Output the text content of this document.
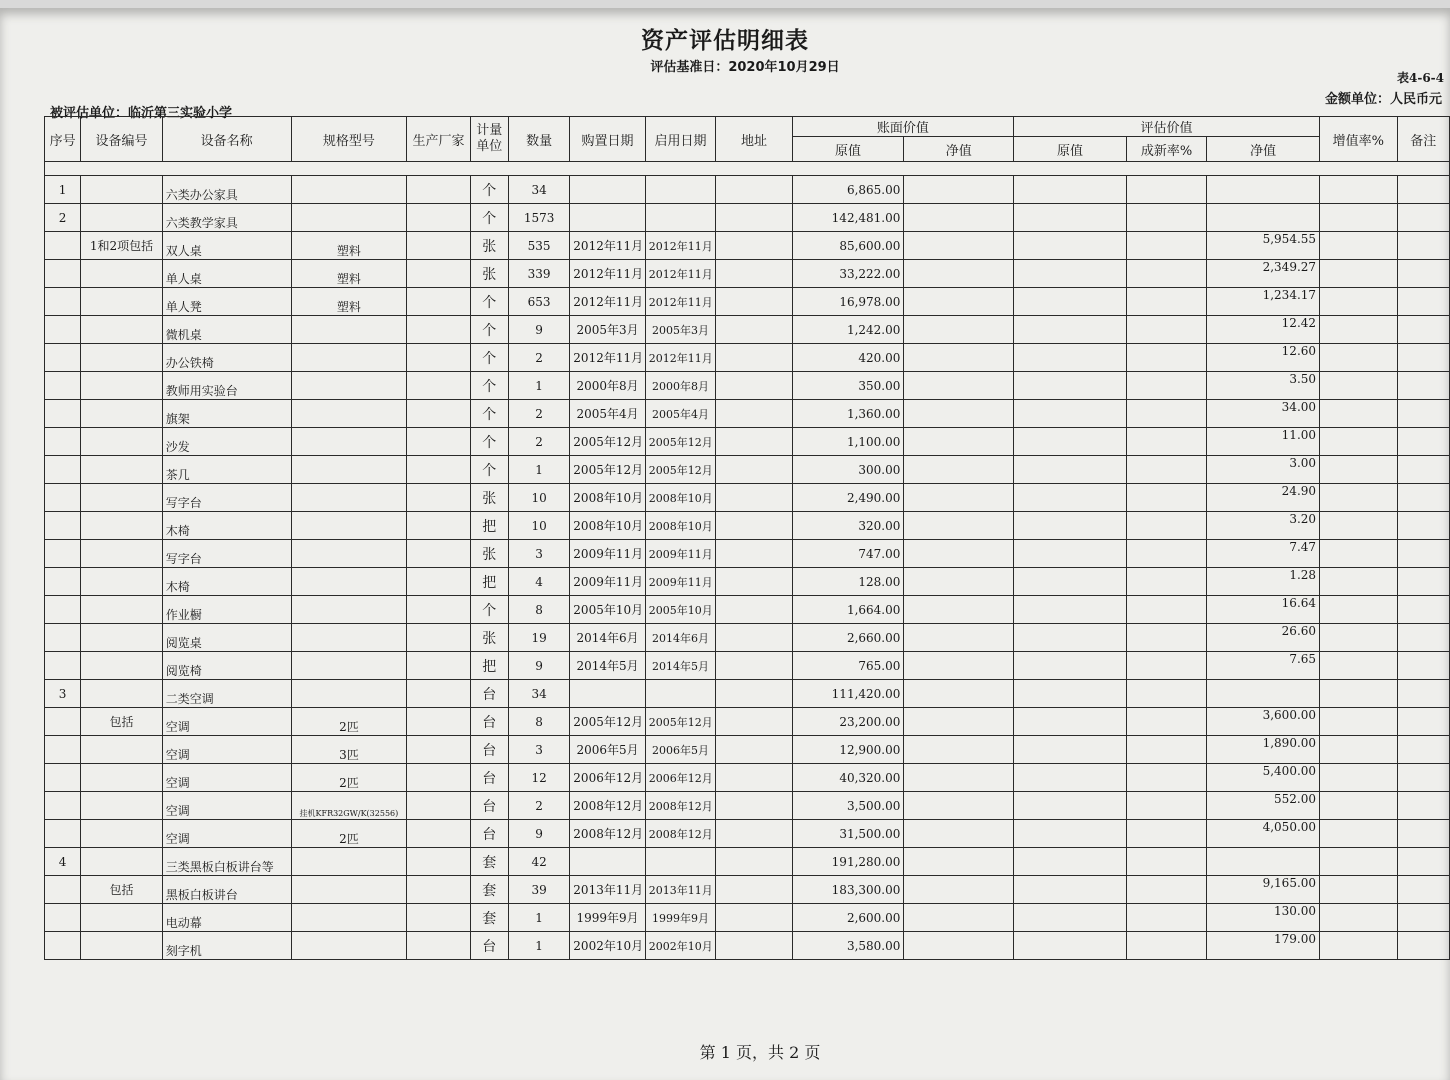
资产评估明细表
评估基准日：2020年10月29日
表4-6-4
金额单位：人民币元
被评估单位：临沂第三实验小学
序号	设备编号	设备名称	规格型号	生产厂家	计量单位	数量	购置日期	启用日期	地址	账面价值		评估价值			增值率%	备注
										原值	净值	原值	成新率%	净值		

1		六类办公家具			个	34				6,865.00						
2		六类教学家具			个	1573				142,481.00						
	1和2项包括	双人桌	塑料		张	535	2012年11月	2012年11月		85,600.00				5,954.55		
		单人桌	塑料		张	339	2012年11月	2012年11月		33,222.00				2,349.27		
		单人凳	塑料		个	653	2012年11月	2012年11月		16,978.00				1,234.17		
		微机桌			个	9	2005年3月	2005年3月		1,242.00				12.42		
		办公铁椅			个	2	2012年11月	2012年11月		420.00				12.60		
		教师用实验台			个	1	2000年8月	2000年8月		350.00				3.50		
		旗架			个	2	2005年4月	2005年4月		1,360.00				34.00		
		沙发			个	2	2005年12月	2005年12月		1,100.00				11.00		
		茶几			个	1	2005年12月	2005年12月		300.00				3.00		
		写字台			张	10	2008年10月	2008年10月		2,490.00				24.90		
		木椅			把	10	2008年10月	2008年10月		320.00				3.20		
		写字台			张	3	2009年11月	2009年11月		747.00				7.47		
		木椅			把	4	2009年11月	2009年11月		128.00				1.28		
		作业橱			个	8	2005年10月	2005年10月		1,664.00				16.64		
		阅览桌			张	19	2014年6月	2014年6月		2,660.00				26.60		
		阅览椅			把	9	2014年5月	2014年5月		765.00				7.65		
3		二类空调			台	34				111,420.00						
	包括	空调	2匹		台	8	2005年12月	2005年12月		23,200.00				3,600.00		
		空调	3匹		台	3	2006年5月	2006年5月		12,900.00				1,890.00		
		空调	2匹		台	12	2006年12月	2006年12月		40,320.00				5,400.00		
		空调	挂机KFR32GW/K(32556)		台	2	2008年12月	2008年12月		3,500.00				552.00		
		空调	2匹		台	9	2008年12月	2008年12月		31,500.00				4,050.00		
4		三类黑板白板讲台等			套	42				191,280.00						
	包括	黑板白板讲台			套	39	2013年11月	2013年11月		183,300.00				9,165.00		
		电动幕			套	1	1999年9月	1999年9月		2,600.00				130.00		
		刻字机			台	1	2002年10月	2002年10月		3,580.00				179.00		
第 1 页，共 2 页
